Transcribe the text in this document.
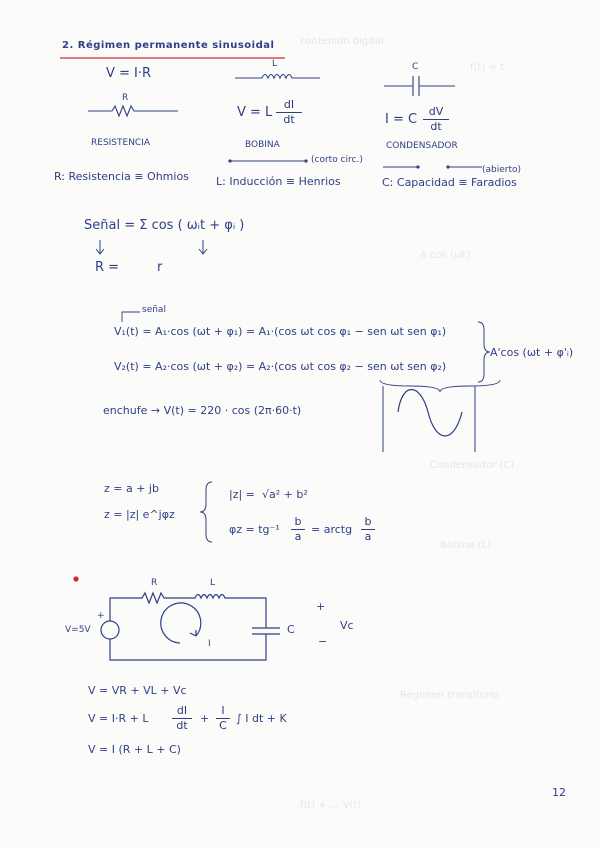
contenido digital
f(t) = t
A cos (ωt)
Condensador (C)
Bobina (L)
Régimen transitorio
f(t) + ... V(t)
2. Régimen permanente sinusoidal
V = I·R
R
RESISTENCIA
R: Resistencia ≡ Ohmios
L
V = L
dI
dt
BOBINA
(corto circ.)
L: Inducción ≡ Henrios
C
I = C
dV
dt
CONDENSADOR
(abierto)
C: Capacidad ≡ Faradios
Señal = Σ cos ( ωᵢt + φᵢ )
R =	r
señal
V₁(t) = A₁·cos (ωt + φ₁) = A₁·(cos ωt cos φ₁ − sen ωt sen φ₁)
V₂(t) = A₂·cos (ωt + φ₂) = A₂·(cos ωt cos φ₂ − sen ωt sen φ₂)
A'cos (ωt + φ'ᵢ)
enchufe → V(t) = 220 · cos (2π·60·t)
z = a + jb
z = |z| e^jφz
|z| = √a² + b²
φz = tg⁻¹
b
a
= arctg
b
a
V=5V
+
R	L
C
I
+
−
Vc
V = VR + VL + Vc
V = I·R + L
dI
dt
+
I
C
∫ I dt + K
V = I (R + L + C)
12
